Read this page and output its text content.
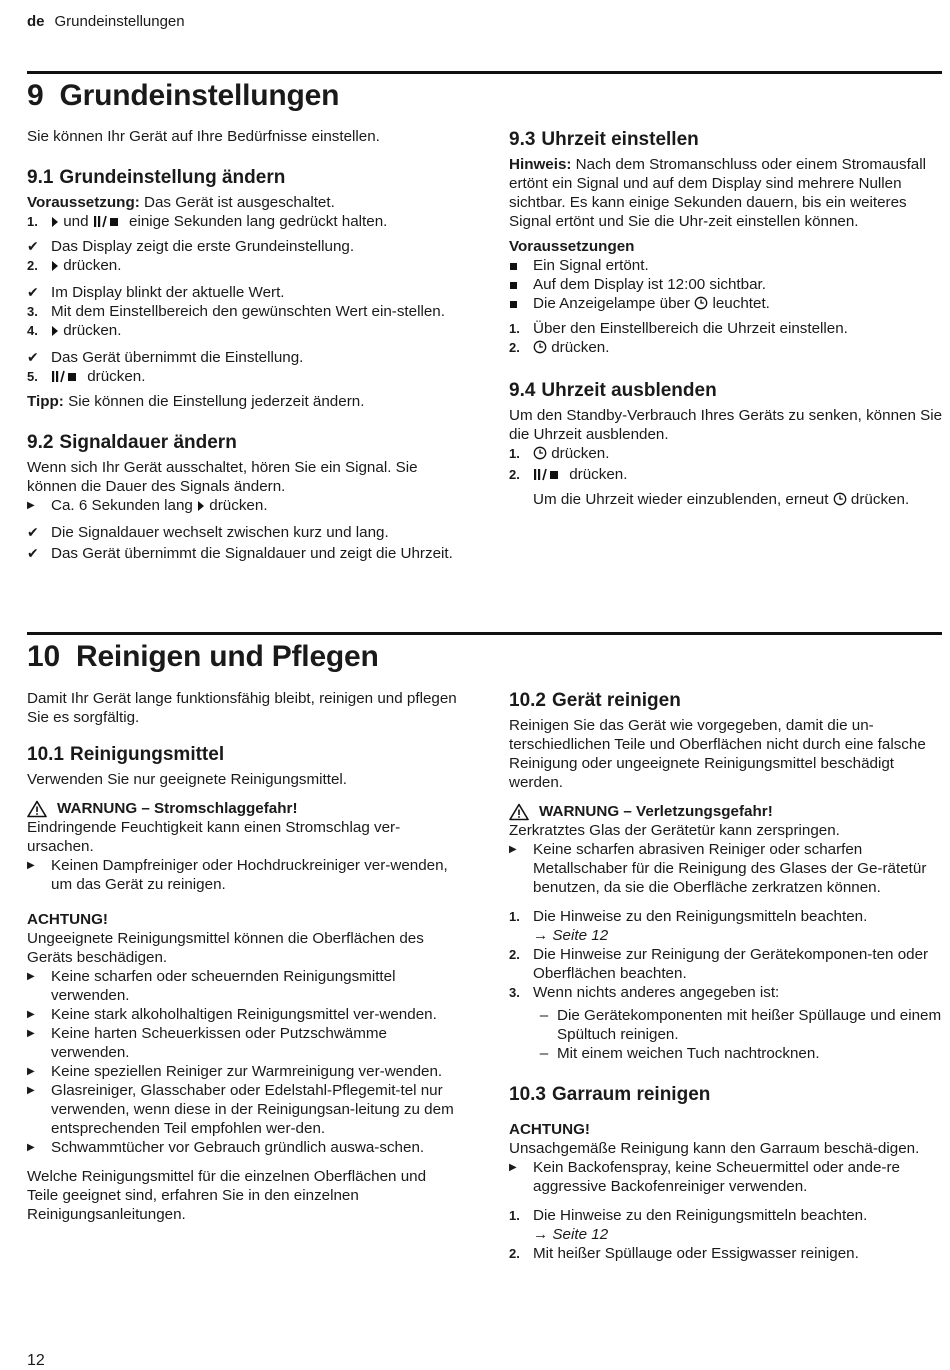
de Grundeinstellungen
9 Grundeinstellungen

Sie können Ihr Gerät auf Ihre Bedürfnisse einstellen.

9.1 Grundeinstellung ändern

Voraussetzung: Das Gerät ist ausgeschaltet.

1.	und  einige Sekunden lang gedrückt halten.
✔ Das Display zeigt die erste Grundeinstellung.
2.	drücken.
✔ Im Display blinkt der aktuelle Wert.
3. Mit dem Einstellbereich den gewünschten Wert ein-stellen.
4.	drücken.
✔ Das Gerät übernimmt die Einstellung.
5.	drücken.

Tipp: Sie können die Einstellung jederzeit ändern.

9.2 Signaldauer ändern

Wenn sich Ihr Gerät ausschaltet, hören Sie ein Signal. Sie können die Dauer des Signals ändern.

▶	Ca. 6 Sekunden lang  drücken.
✔ Die Signaldauer wechselt zwischen kurz und lang.
✔ Das Gerät übernimmt die Signaldauer und zeigt die Uhrzeit.

9.3 Uhrzeit einstellen

Hinweis: Nach dem Stromanschluss oder einem Stromausfall ertönt ein Signal und auf dem Display sind mehrere Nullen sichtbar. Es kann einige Sekunden dauern, bis ein weiteres Signal ertönt und Sie die Uhr-zeit einstellen können.

Voraussetzungen

Ein Signal ertönt.
Auf dem Display ist 12:00 sichtbar.
Die Anzeigelampe über  leuchtet.
1. Über den Einstellbereich die Uhrzeit einstellen.
2.	drücken.

9.4 Uhrzeit ausblenden

Um den Standby-Verbrauch Ihres Geräts zu senken, können Sie die Uhrzeit ausblenden.

1.	drücken.
2.	drücken.

Um die Uhrzeit wieder einzublenden, erneut  drücken.

10 Reinigen und Pflegen

Damit Ihr Gerät lange funktionsfähig bleibt, reinigen und pflegen Sie es sorgfältig.

10.1 Reinigungsmittel

Verwenden Sie nur geeignete Reinigungsmittel.

WARNUNG – Stromschlaggefahr!

Eindringende Feuchtigkeit kann einen Stromschlag ver-ursachen.

▶	Keinen Dampfreiniger oder Hochdruckreiniger ver-wenden, um das Gerät zu reinigen.

ACHTUNG!

Ungeeignete Reinigungsmittel können die Oberflächen des Geräts beschädigen.

▶	Keine scharfen oder scheuernden Reinigungsmittel verwenden.
▶	Keine stark alkoholhaltigen Reinigungsmittel ver-wenden.
▶	Keine harten Scheuerkissen oder Putzschwämme verwenden.
▶	Keine speziellen Reiniger zur Warmreinigung ver-wenden.
▶	Glasreiniger, Glasschaber oder Edelstahl-Pflegemit-tel nur verwenden, wenn diese in der Reinigungsan-leitung zu dem entsprechenden Teil empfohlen wer-den.
▶	Schwammtücher vor Gebrauch gründlich auswa-schen.

Welche Reinigungsmittel für die einzelnen Oberflächen und Teile geeignet sind, erfahren Sie in den einzelnen Reinigungsanleitungen.

10.2 Gerät reinigen

Reinigen Sie das Gerät wie vorgegeben, damit die un-terschiedlichen Teile und Oberflächen nicht durch eine falsche Reinigung oder ungeeignete Reinigungsmittel beschädigt werden.

WARNUNG – Verletzungsgefahr!

Zerkratztes Glas der Gerätetür kann zerspringen.

▶	Keine scharfen abrasiven Reiniger oder scharfen Metallschaber für die Reinigung des Glases der Ge-rätetür benutzen, da sie die Oberfläche zerkratzen können.
1. Die Hinweise zu den Reinigungsmitteln beachten.
→ Seite 12
2. Die Hinweise zur Reinigung der Gerätekomponen-ten oder Oberflächen beachten.
3. Wenn nichts anderes angegeben ist:
– Die Gerätekomponenten mit heißer Spüllauge und einem Spültuch reinigen.
– Mit einem weichen Tuch nachtrocknen.

10.3 Garraum reinigen

ACHTUNG!

Unsachgemäße Reinigung kann den Garraum beschä-digen.

▶	Kein Backofenspray, keine Scheuermittel oder ande-re aggressive Backofenreiniger verwenden.
1. Die Hinweise zu den Reinigungsmitteln beachten.
→ Seite 12
2. Mit heißer Spüllauge oder Essigwasser reinigen.
12
